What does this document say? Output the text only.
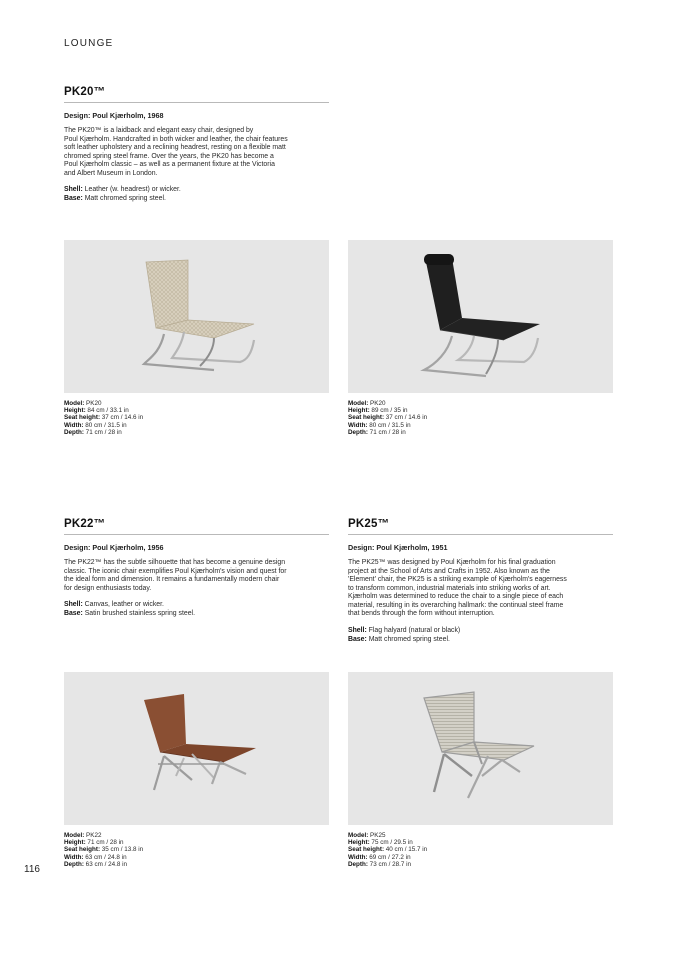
LOUNGE
PK20™
Design: Poul Kjærholm, 1968
The PK20™ is a laidback and elegant easy chair, designed by
Poul Kjærholm. Handcrafted in both wicker and leather, the chair features
soft leather upholstery and a reclining headrest, resting on a flexible matt
chromed spring steel frame. Over the years, the PK20 has become a
Poul Kjærholm classic – as well as a permanent fixture at the Victoria
and Albert Museum in London.
Shell: Leather (w. headrest) or wicker.
Base: Matt chromed spring steel.
Model: PK20
Height: 84 cm / 33.1 in
Seat height: 37 cm / 14.6 in
Width: 80 cm / 31.5 in
Depth: 71 cm / 28 in
Model: PK20
Height: 89 cm / 35 in
Seat height: 37 cm / 14.6 in
Width: 80 cm / 31.5 in
Depth: 71 cm / 28 in
PK22™
Design: Poul Kjærholm, 1956
The PK22™ has the subtle silhouette that has become a genuine design
classic. The iconic chair exemplifies Poul Kjærholm's vision and quest for
the ideal form and dimension. It remains a fundamentally modern chair
for design enthusiasts today.
Shell: Canvas, leather or wicker.
Base: Satin brushed stainless spring steel.
Model: PK22
Height: 71 cm / 28 in
Seat height: 35 cm / 13.8 in
Width: 63 cm / 24.8 in
Depth: 63 cm / 24.8 in
PK25™
Design: Poul Kjærholm, 1951
The PK25™ was designed by Poul Kjærholm for his final graduation
project at the School of Arts and Crafts in 1952. Also known as the
'Element' chair, the PK25 is a striking example of Kjærholm's eagerness
to transform common, industrial materials into striking works of art.
Kjærholm was determined to reduce the chair to a single piece of each
material, resulting in its overarching hallmark: the continual steel frame
that bends through the form without interruption.
Shell: Flag halyard (natural or black)
Base: Matt chromed spring steel.
Model: PK25
Height: 75 cm / 29.5 in
Seat height: 40 cm / 15.7 in
Width: 69 cm / 27.2 in
Depth: 73 cm / 28.7 in
116
